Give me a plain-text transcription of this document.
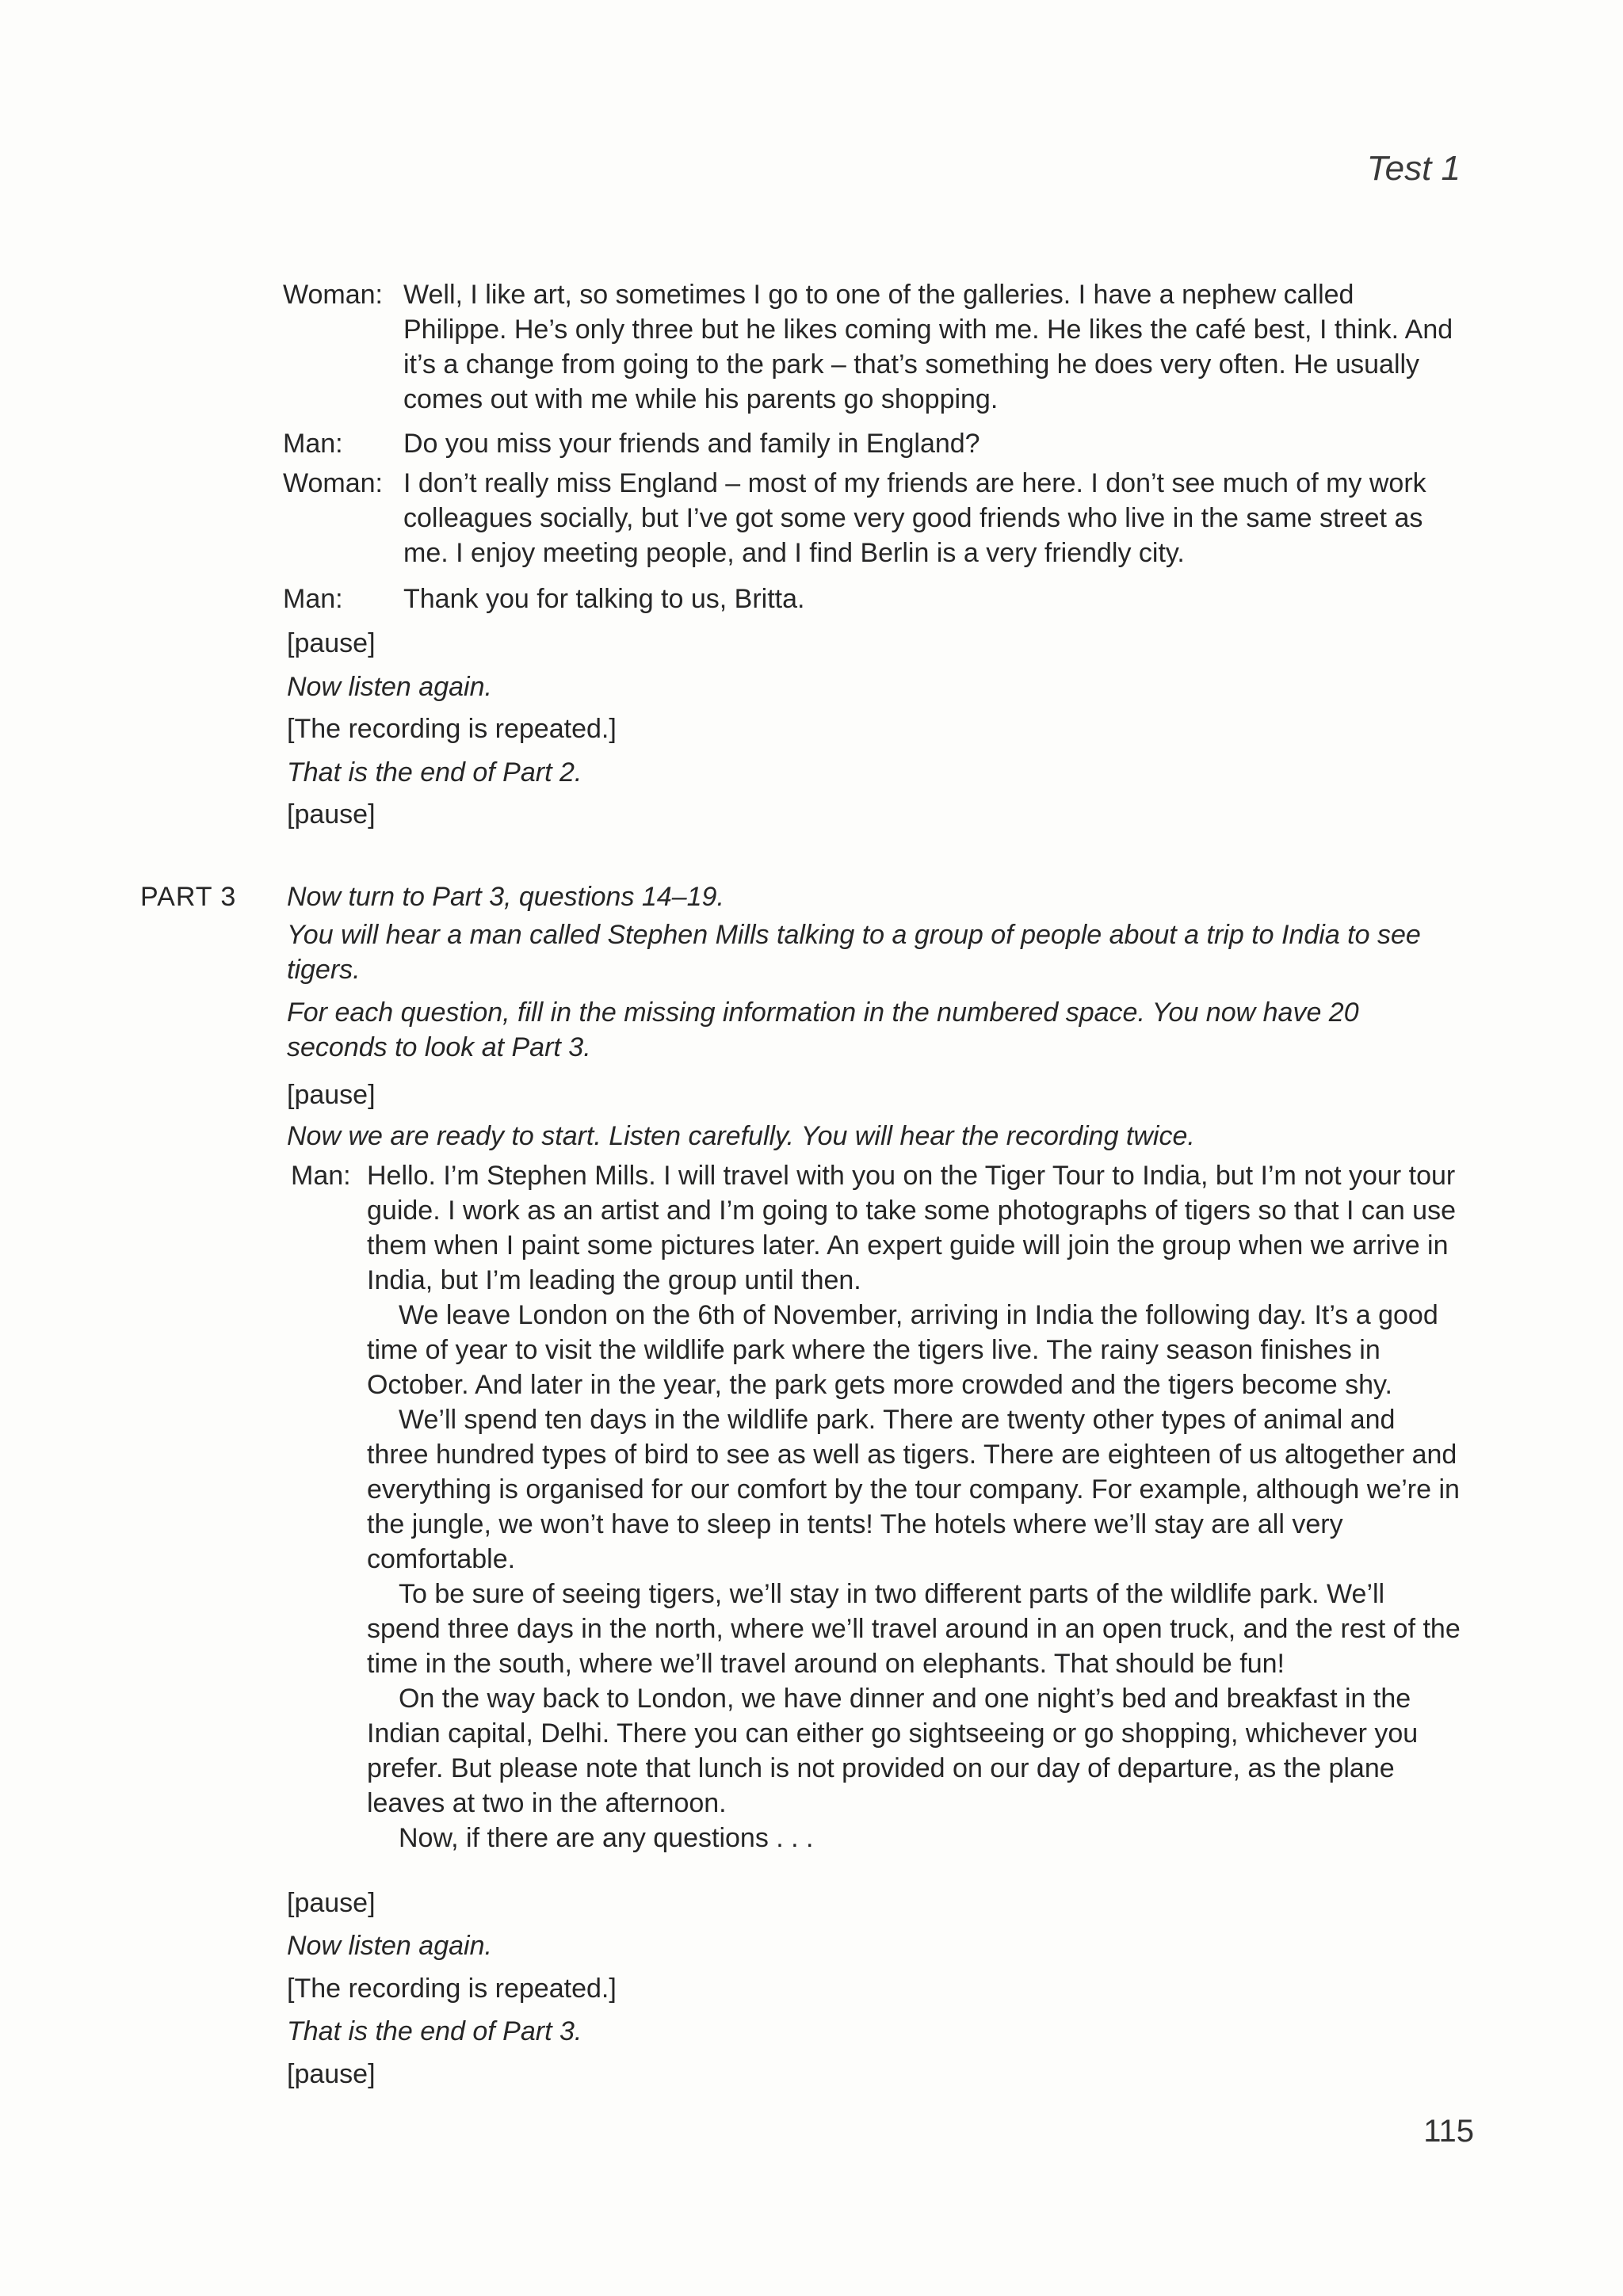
Test 1
Woman: Well, I like art, so sometimes I go to one of the galleries. I have a nephew called Philippe. He’s only three but he likes coming with me. He likes the café best, I think. And it’s a change from going to the park – that’s something he does very often. He usually comes out with me while his parents go shopping.

Man: Do you miss your friends and family in England?

Woman: I don’t really miss England – most of my friends are here. I don’t see much of my work colleagues socially, but I’ve got some very good friends who live in the same street as me. I enjoy meeting people, and I find Berlin is a very friendly city.

Man: Thank you for talking to us, Britta.

[pause]
Now listen again.
[The recording is repeated.]
That is the end of Part 2.
[pause]
PART 3 Now turn to Part 3, questions 14–19.
You will hear a man called Stephen Mills talking to a group of people about a trip to India to see tigers.
For each question, fill in the missing information in the numbered space. You now have 20 seconds to look at Part 3.
[pause]
Now we are ready to start. Listen carefully. You will hear the recording twice.
Man: Hello. I’m Stephen Mills. I will travel with you on the Tiger Tour to India, but I’m not your tour guide. I work as an artist and I’m going to take some photographs of tigers so that I can use them when I paint some pictures later. An expert guide will join the group when we arrive in India, but I’m leading the group until then.

We leave London on the 6th of November, arriving in India the following day. It’s a good time of year to visit the wildlife park where the tigers live. The rainy season finishes in October. And later in the year, the park gets more crowded and the tigers become shy.

We’ll spend ten days in the wildlife park. There are twenty other types of animal and three hundred types of bird to see as well as tigers. There are eighteen of us altogether and everything is organised for our comfort by the tour company. For example, although we’re in the jungle, we won’t have to sleep in tents! The hotels where we’ll stay are all very comfortable.

To be sure of seeing tigers, we’ll stay in two different parts of the wildlife park. We’ll spend three days in the north, where we’ll travel around in an open truck, and the rest of the time in the south, where we’ll travel around on elephants. That should be fun!

On the way back to London, we have dinner and one night’s bed and breakfast in the Indian capital, Delhi. There you can either go sightseeing or go shopping, whichever you prefer. But please note that lunch is not provided on our day of departure, as the plane leaves at two in the afternoon.

Now, if there are any questions . . .

[pause]
Now listen again.
[The recording is repeated.]
That is the end of Part 3.
[pause]
115
